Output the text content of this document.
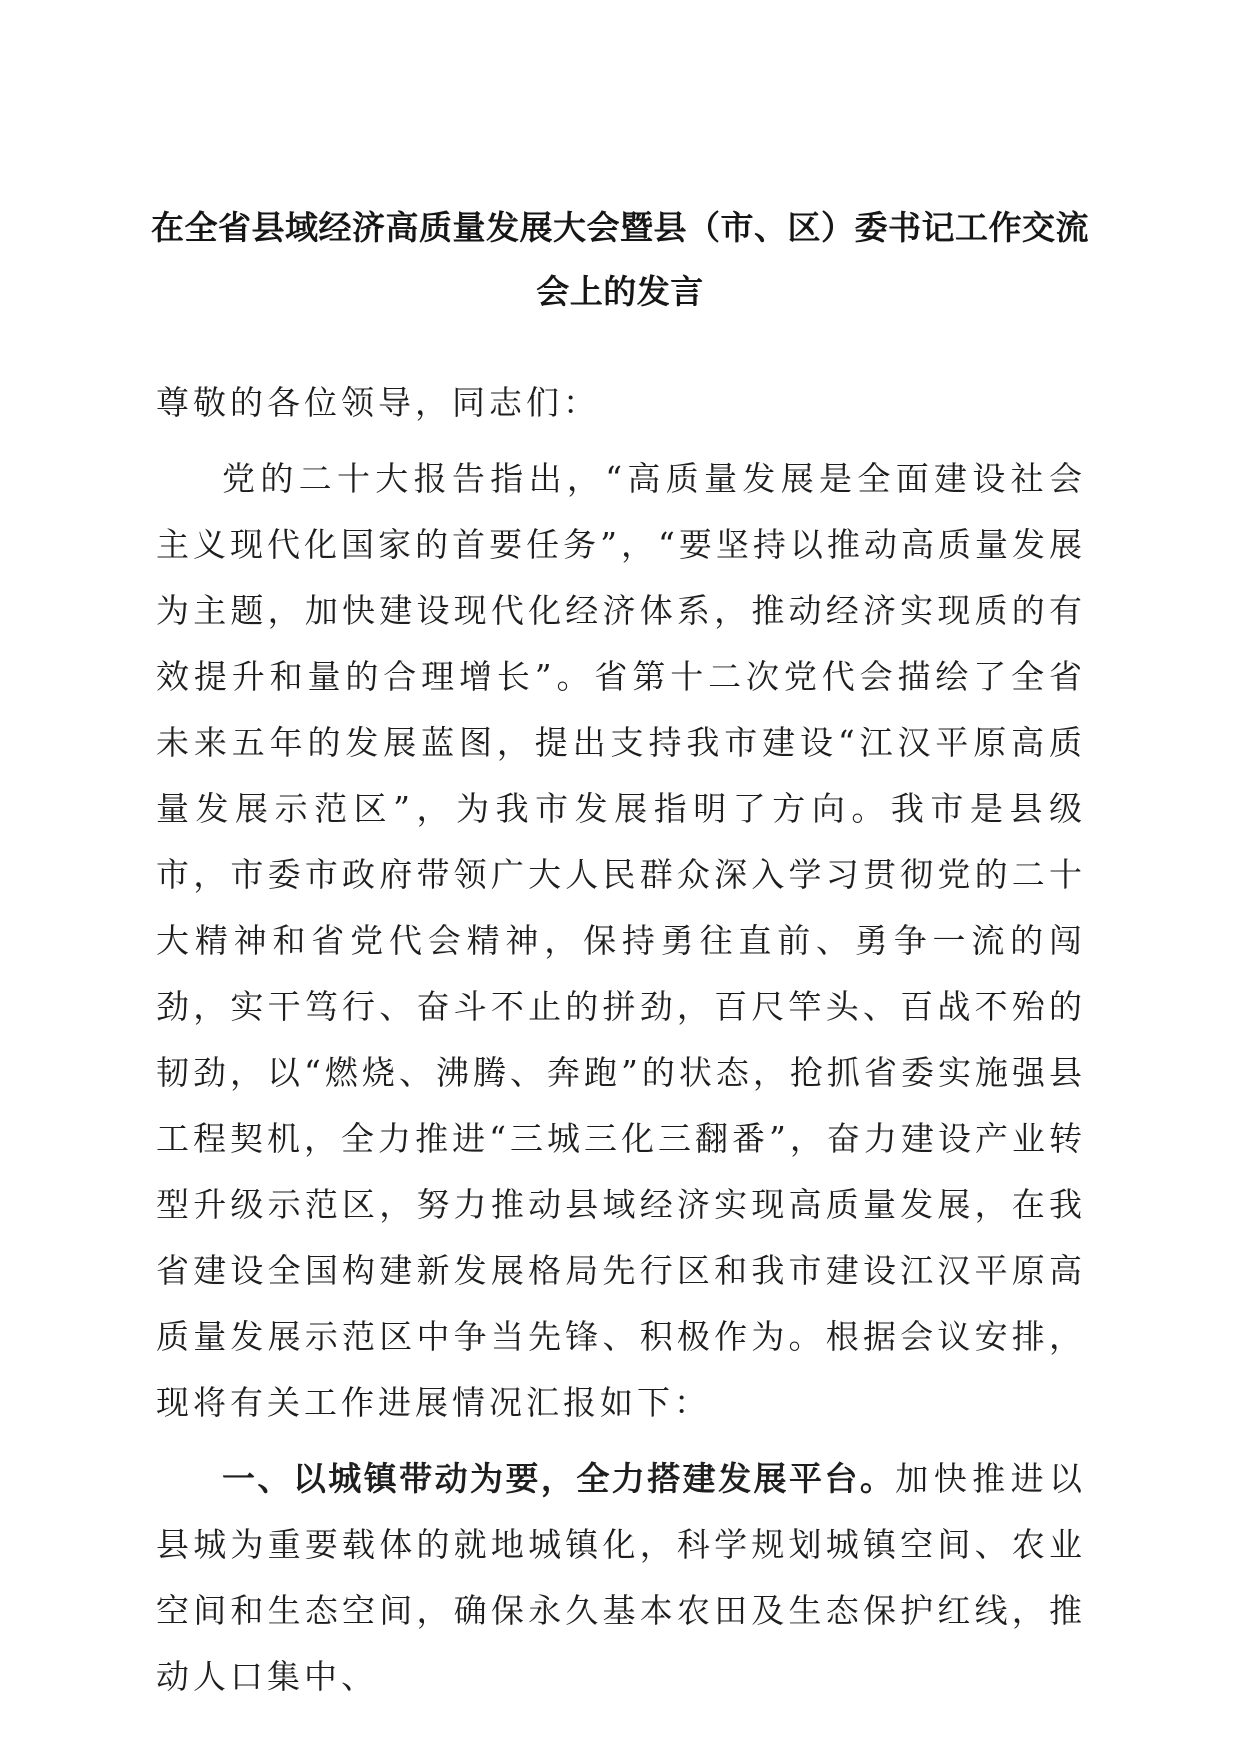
在全省县域经济高质量发展大会暨县（市、区）委书记工作交流会上的发言

尊敬的各位领导，同志们：

党的二十大报告指出，“高质量发展是全面建设社会主义现代化国家的首要任务”，“要坚持以推动高质量发展为主题，加快建设现代化经济体系，推动经济实现质的有效提升和量的合理增长”。省第十二次党代会描绘了全省未来五年的发展蓝图，提出支持我市建设“江汉平原高质量发展示范区”，为我市发展指明了方向。我市是县级市，市委市政府带领广大人民群众深入学习贯彻党的二十大精神和省党代会精神，保持勇往直前、勇争一流的闯劲，实干笃行、奋斗不止的拼劲，百尺竿头、百战不殆的韧劲，以“燃烧、沸腾、奔跑”的状态，抢抓省委实施强县工程契机，全力推进“三城三化三翻番”，奋力建设产业转型升级示范区，努力推动县域经济实现高质量发展，在我省建设全国构建新发展格局先行区和我市建设江汉平原高质量发展示范区中争当先锋、积极作为。根据会议安排，现将有关工作进展情况汇报如下：

一、以城镇带动为要，全力搭建发展平台。加快推进以县城为重要载体的就地城镇化，科学规划城镇空间、农业空间和生态空间，确保永久基本农田及生态保护红线，推动人口集中、
